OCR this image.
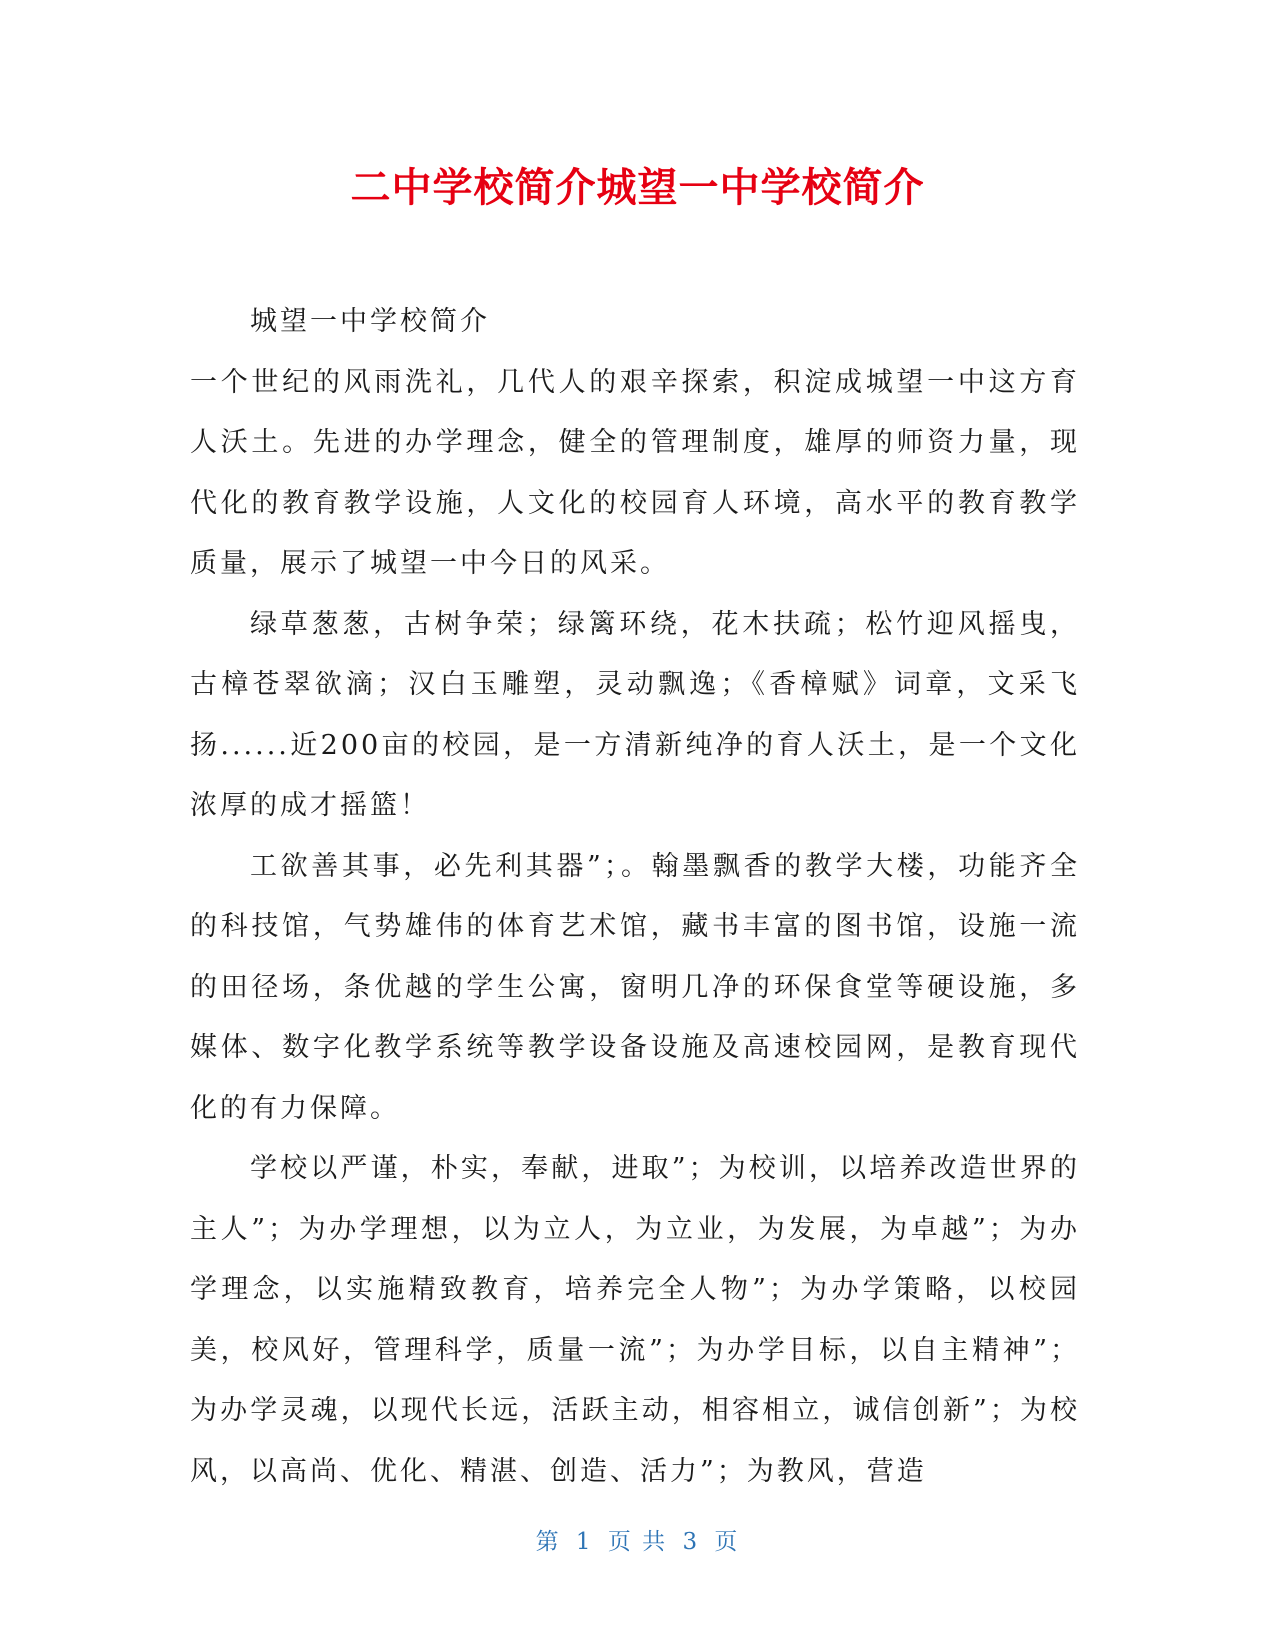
二中学校简介城望一中学校简介

城望一中学校简介

一个世纪的风雨洗礼，几代人的艰辛探索，积淀成城望一中这方育人沃土。先进的办学理念，健全的管理制度，雄厚的师资力量，现代化的教育教学设施，人文化的校园育人环境，高水平的教育教学质量，展示了城望一中今日的风采。

绿草葱葱，古树争荣；绿篱环绕，花木扶疏；松竹迎风摇曳，古樟苍翠欲滴；汉白玉雕塑，灵动飘逸；《香樟赋》词章，文采飞扬......近200亩的校园，是一方清新纯净的育人沃土，是一个文化浓厚的成才摇篮！

工欲善其事，必先利其器”；。翰墨飘香的教学大楼，功能齐全的科技馆，气势雄伟的体育艺术馆，藏书丰富的图书馆，设施一流的田径场，条优越的学生公寓，窗明几净的环保食堂等硬设施，多媒体、数字化教学系统等教学设备设施及高速校园网，是教育现代化的有力保障。

学校以严谨，朴实，奉献，进取”；为校训，以培养改造世界的主人”；为办学理想，以为立人，为立业，为发展，为卓越”；为办学理念，以实施精致教育，培养完全人物”；为办学策略，以校园美，校风好，管理科学，质量一流”；为办学目标，以自主精神”；为办学灵魂，以现代长远，活跃主动，相容相立，诚信创新”；为校风，以高尚、优化、精湛、创造、活力”；为教风，营造

第 1 页 共 3 页
